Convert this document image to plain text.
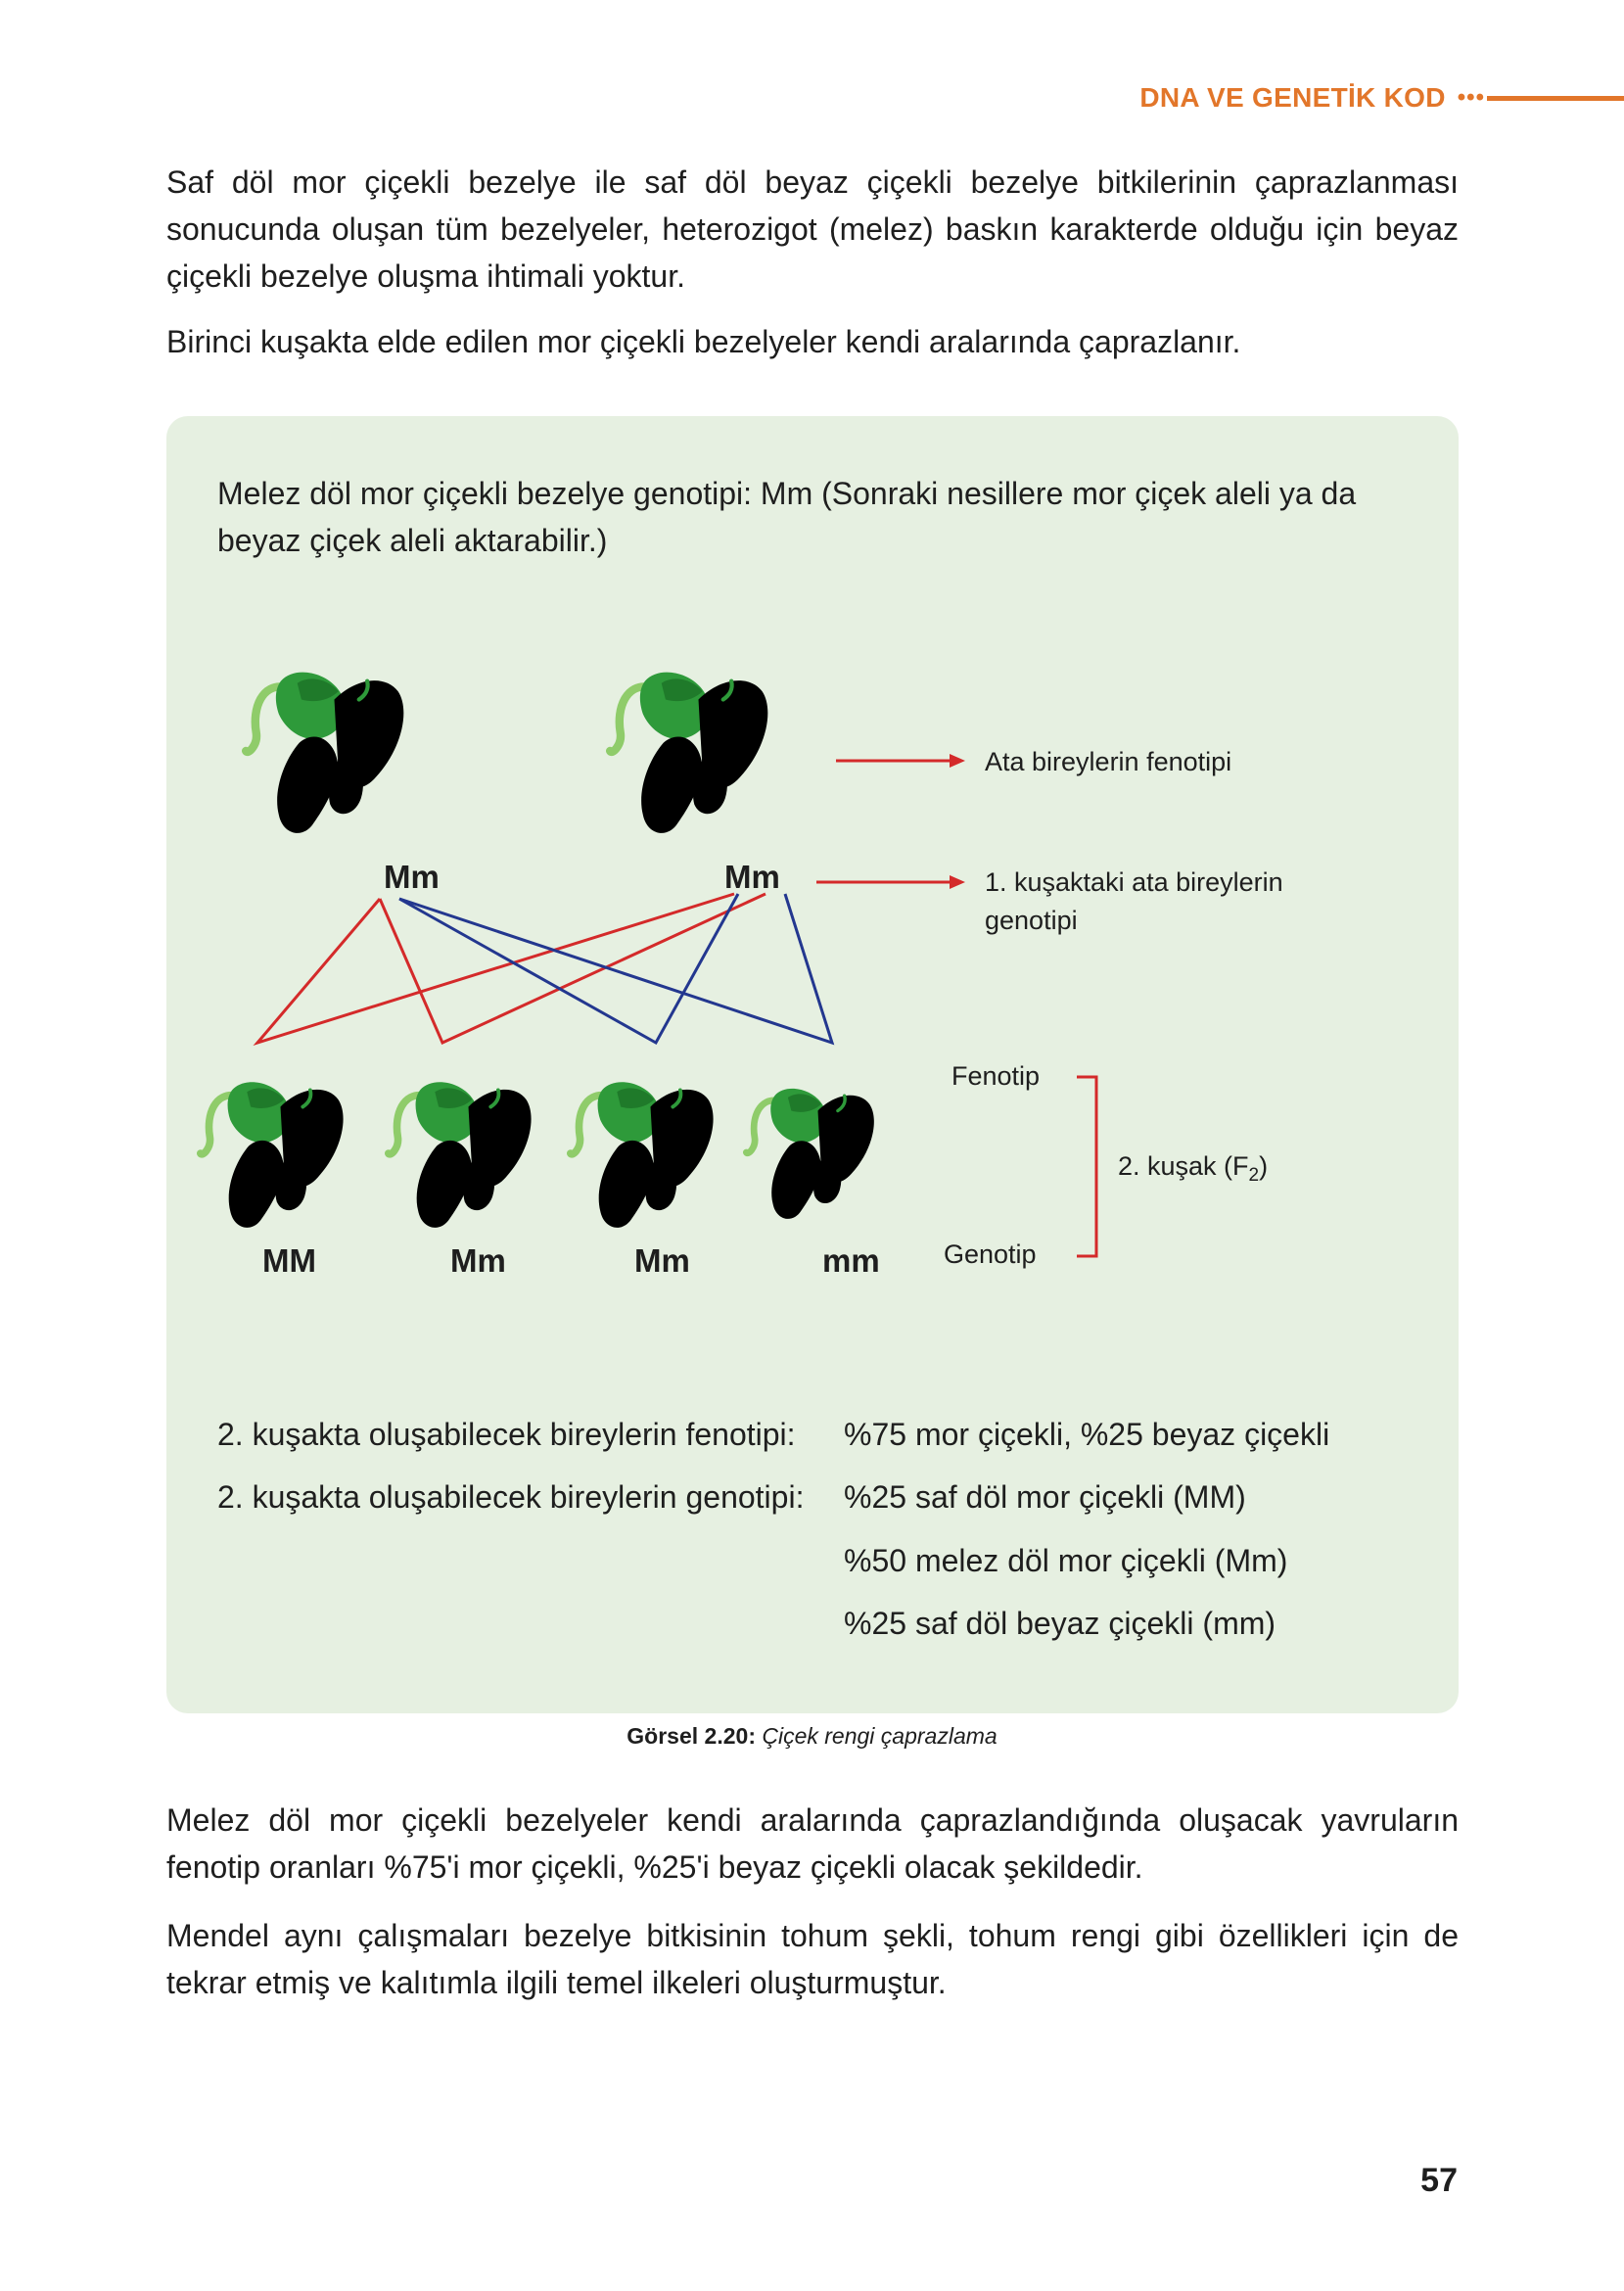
DNA VE GENETİK KOD •••

Saf döl mor çiçekli bezelye ile saf döl beyaz çiçekli bezelye bitkilerinin çaprazlanması sonucunda oluşan tüm bezelyeler, heterozigot (melez) baskın karakterde olduğu için beyaz çiçekli bezelye oluşma ihtimali yoktur.

Birinci kuşakta elde edilen mor çiçekli bezelyeler kendi aralarında çaprazlanır.

Melez döl mor çiçekli bezelye genotipi: Mm (Sonraki nesillere mor çiçek aleli ya da beyaz çiçek aleli aktarabilir.)

Mm	Mm
Ata bireylerin fenotipi
1. kuşaktaki ata bireylerin
genotipi
MM	Mm	Mm	mm
Fenotip
Genotip
2. kuşak $(F_2)$
2. kuşakta oluşabilecek bireylerin fenotipi: %75 mor çiçekli, %25 beyaz çiçekli
2. kuşakta oluşabilecek bireylerin genotipi: %25 saf döl mor çiçekli (MM)
%50 melez döl mor çiçekli (Mm)
%25 saf döl beyaz çiçekli (mm)
Görsel 2.20: Çiçek rengi çaprazlama

Melez döl mor çiçekli bezelyeler kendi aralarında çaprazlandığında oluşacak yavruların fenotip oranları %75'i mor çiçekli, %25'i beyaz çiçekli olacak şekildedir.

Mendel aynı çalışmaları bezelye bitkisinin tohum şekli, tohum rengi gibi özellikleri için de tekrar etmiş ve kalıtımla ilgili temel ilkeleri oluşturmuştur.

57
